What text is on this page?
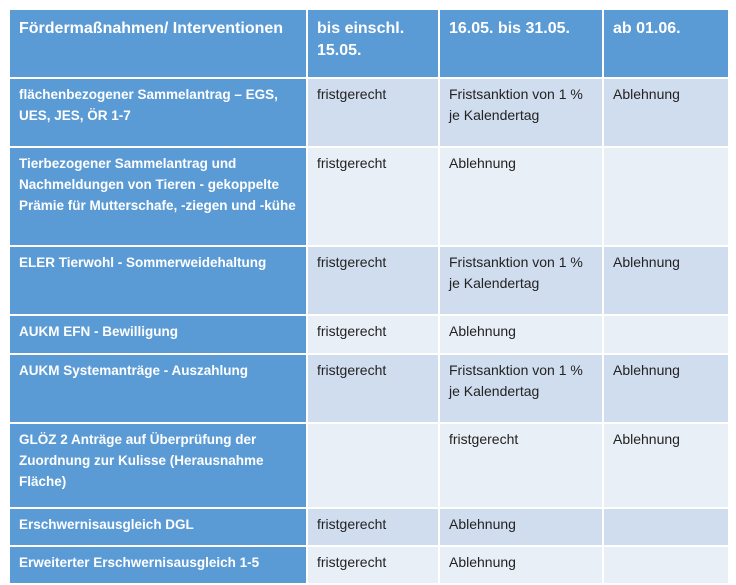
Fördermaßnahmen/ Interventionen	bis einschl. 15.05.	16.05. bis 31.05.	ab 01.06.
flächenbezogener Sammelantrag – EGS, UES, JES, ÖR 1-7	fristgerecht	Fristsanktion von 1 % je Kalendertag	Ablehnung
Tierbezogener Sammelantrag und Nachmeldungen von Tieren - gekoppelte Prämie für Mutterschafe, -ziegen und -kühe	fristgerecht	Ablehnung	
ELER Tierwohl - Sommerweidehaltung	fristgerecht	Fristsanktion von 1 % je Kalendertag	Ablehnung
AUKM EFN - Bewilligung	fristgerecht	Ablehnung	
AUKM Systemanträge - Auszahlung	fristgerecht	Fristsanktion von 1 % je Kalendertag	Ablehnung
GLÖZ 2 Anträge auf Überprüfung der Zuordnung zur Kulisse (Herausnahme Fläche)		fristgerecht	Ablehnung
Erschwernisausgleich DGL	fristgerecht	Ablehnung	
Erweiterter Erschwernisausgleich 1-5	fristgerecht	Ablehnung	
